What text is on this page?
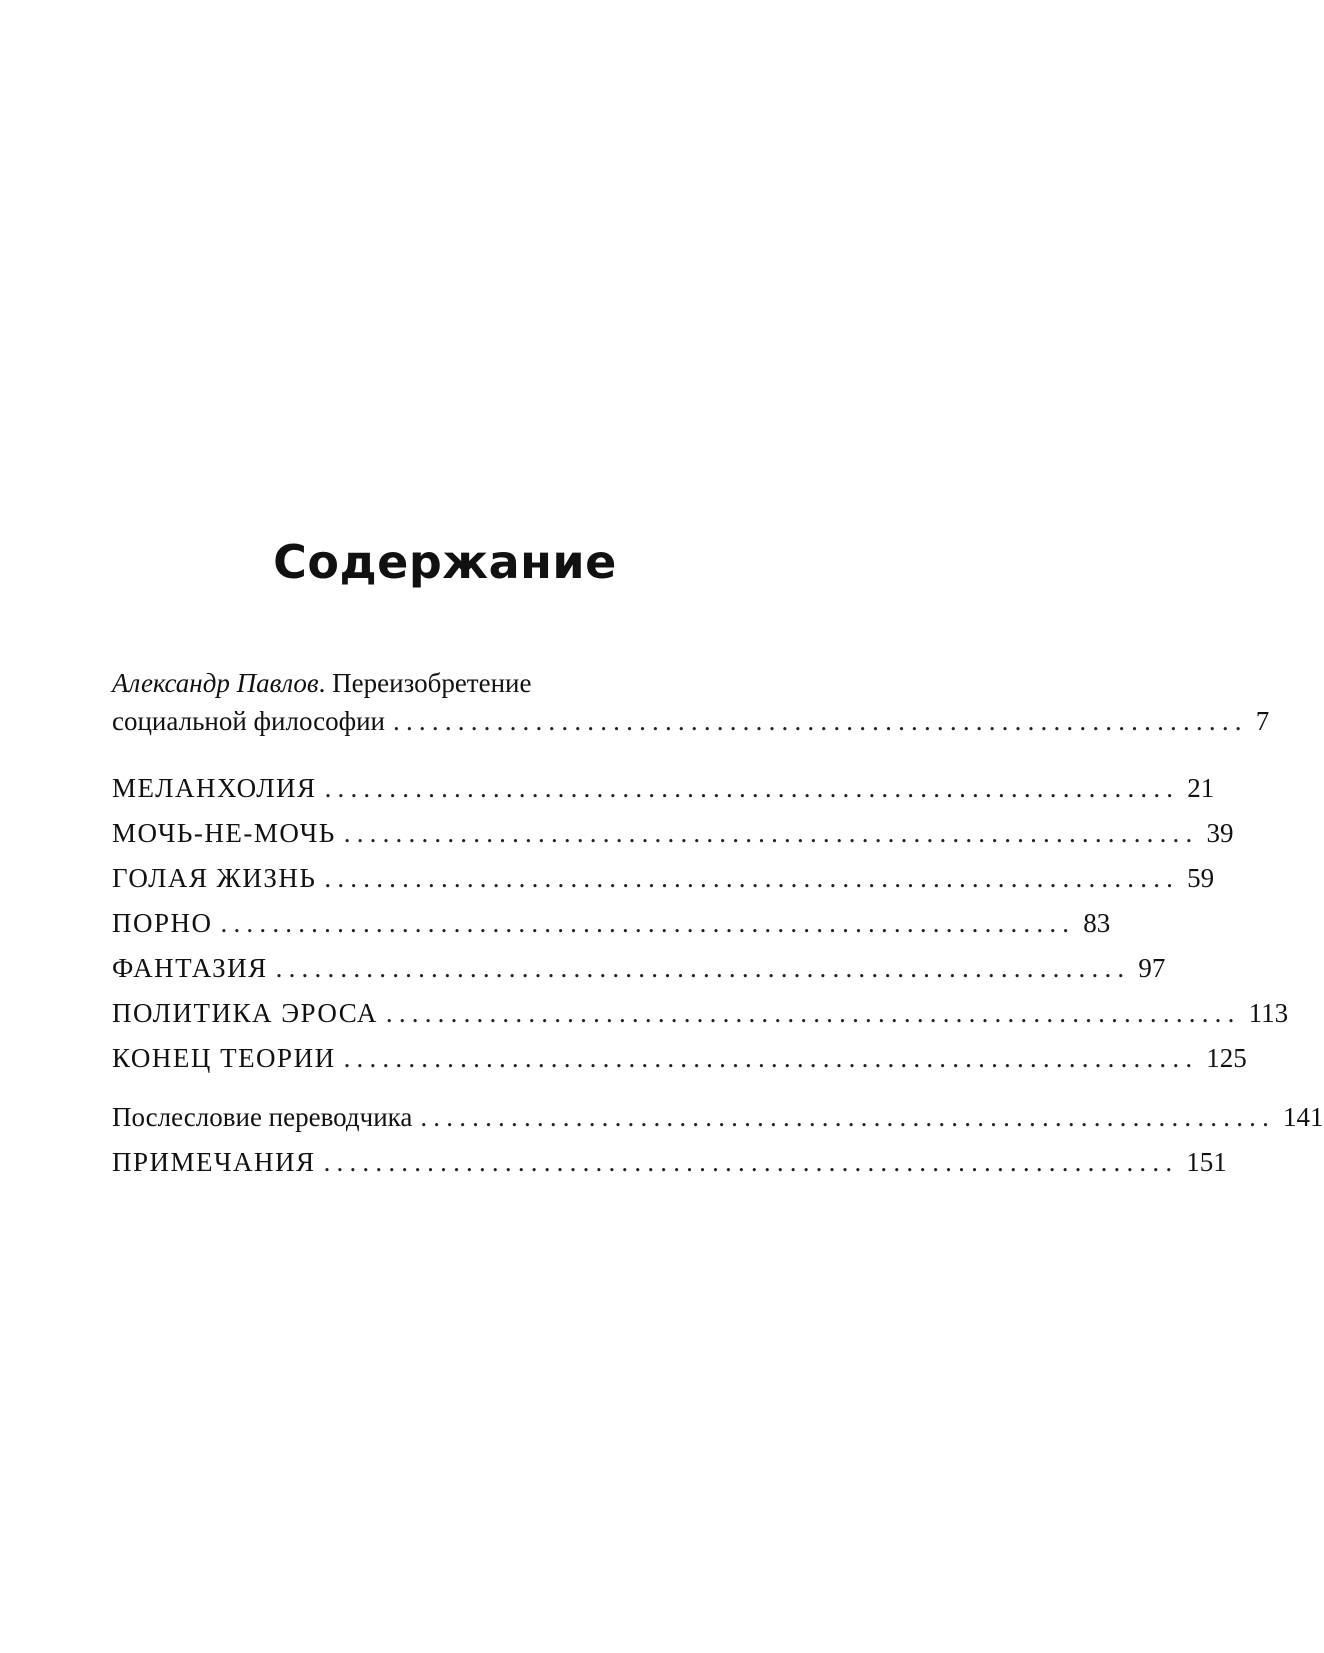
Содержание
Александр Павлов. Переизобретение
социальной философии .................................................................. 7
МЕЛАНХОЛИЯ .................................................................. 21
МОЧЬ-НЕ-МОЧЬ .................................................................. 39
ГОЛАЯ ЖИЗНЬ .................................................................. 59
ПОРНО .................................................................. 83
ФАНТАЗИЯ .................................................................. 97
ПОЛИТИКА ЭРОСА .................................................................. 113
КОНЕЦ ТЕОРИИ .................................................................. 125
Послесловие переводчика .................................................................. 141
ПРИМЕЧАНИЯ .................................................................. 151
